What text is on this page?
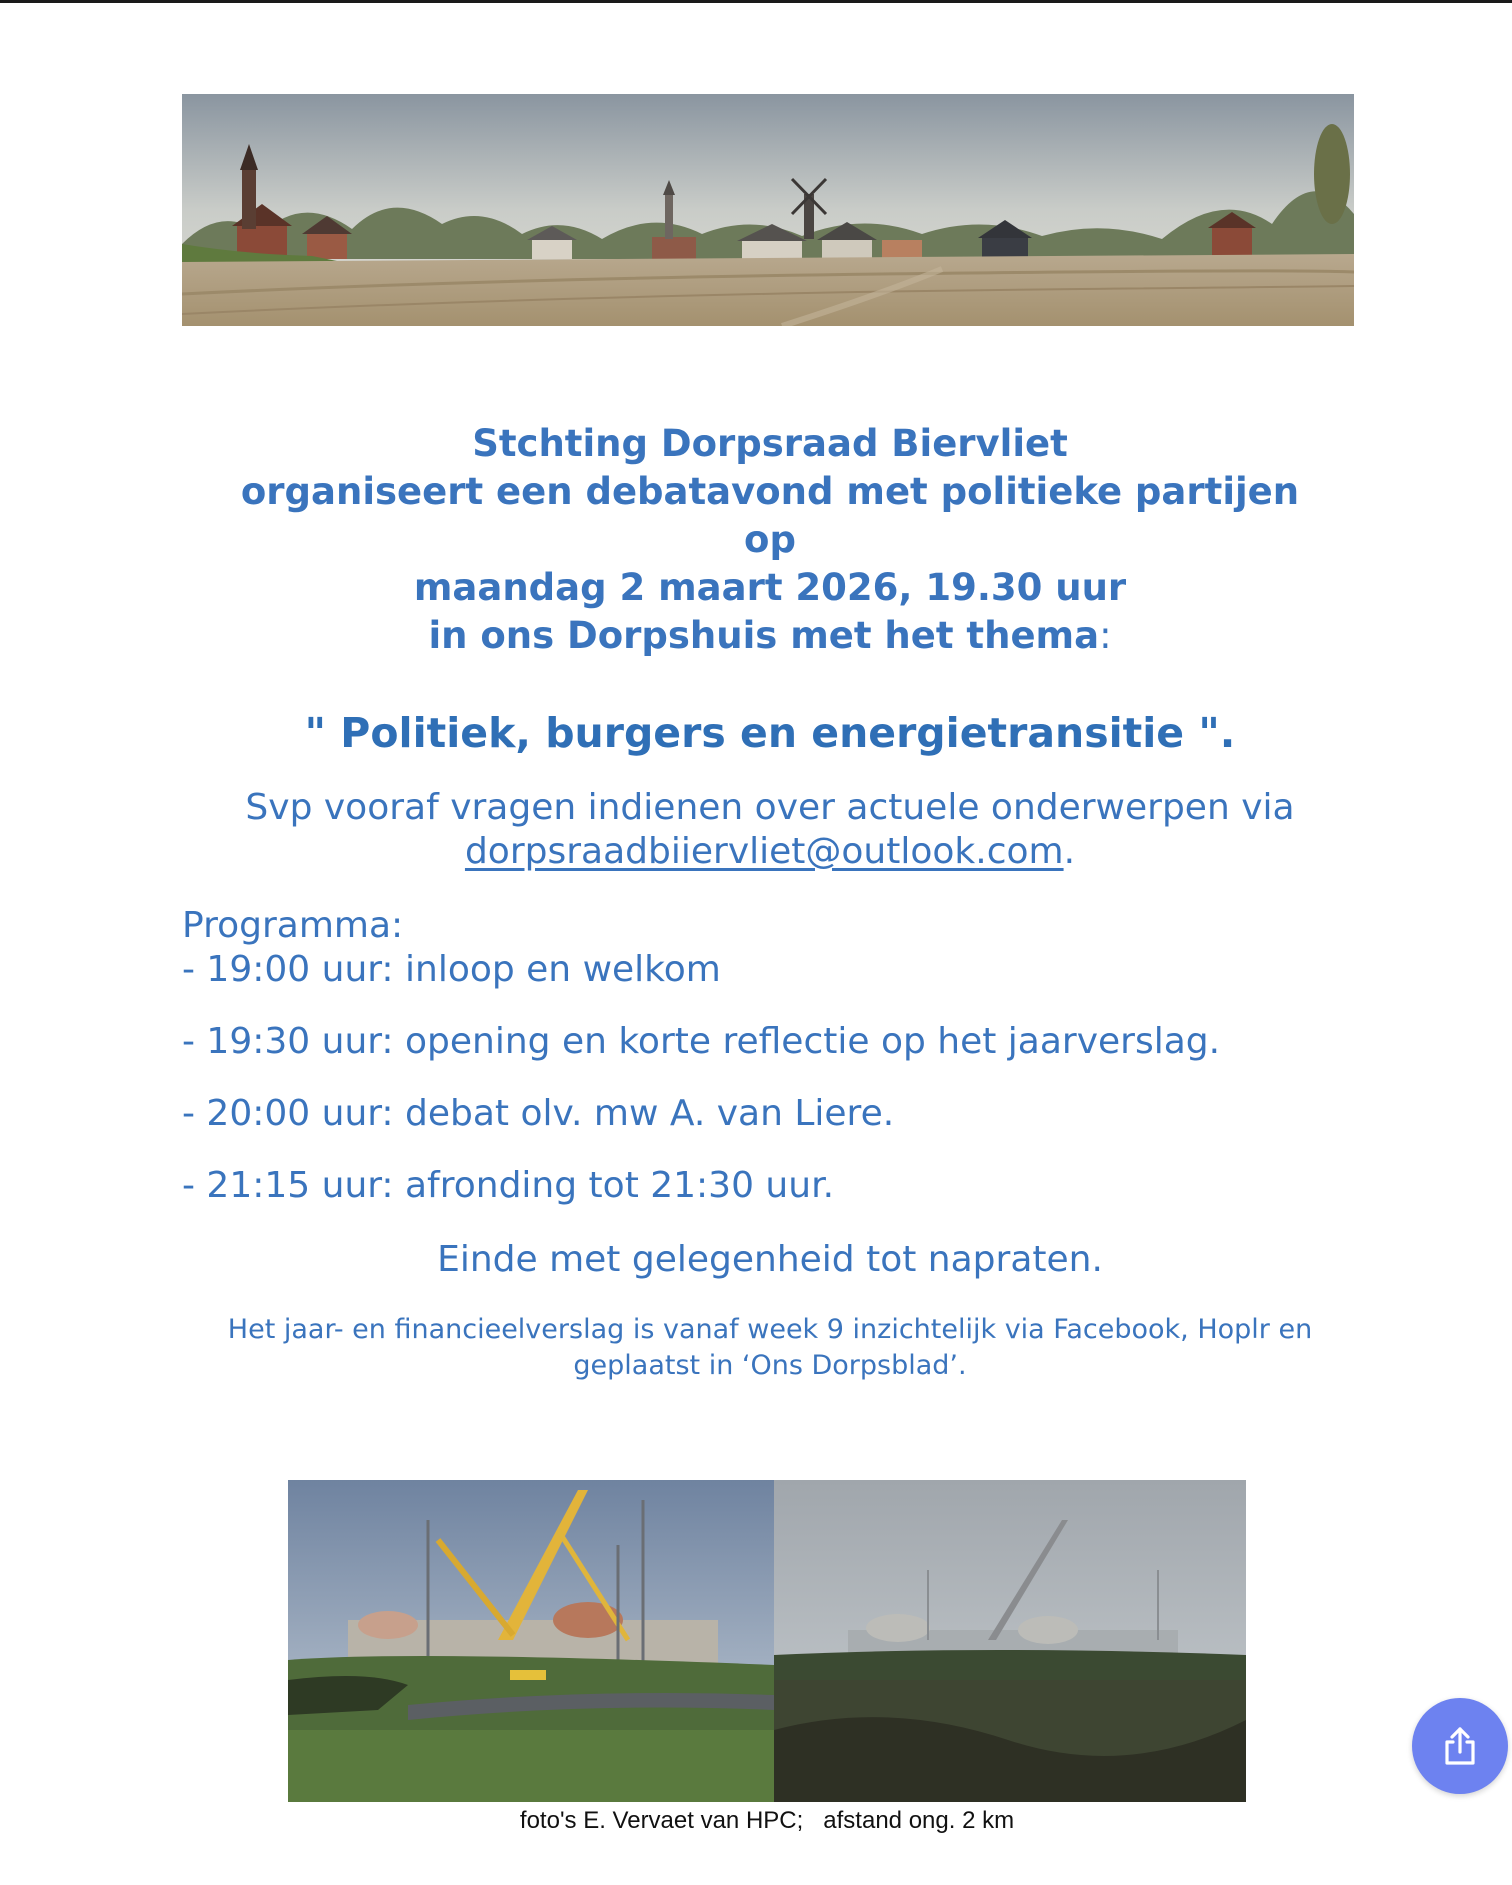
Stchting Dorpsraad Biervliet
organiseert een debatavond met politieke partijen
op
maandag 2 maart 2026, 19.30 uur
in ons Dorpshuis met het thema:
" Politiek, burgers en energietransitie ".
Svp vooraf vragen indienen over actuele onderwerpen via
dorpsraadbiiervliet@outlook.com.
Programma:
- 19:00 uur: inloop en welkom
- 19:30 uur: opening en korte reflectie op het jaarverslag.
- 20:00 uur: debat olv. mw A. van Liere.
- 21:15 uur: afronding tot 21:30 uur.
Einde met gelegenheid tot napraten.
Het jaar- en financieelverslag is vanaf week 9 inzichtelijk via Facebook, Hoplr en
geplaatst in ‘Ons Dorpsblad’.
foto's E. Vervaet van HPC;   afstand ong. 2 km
